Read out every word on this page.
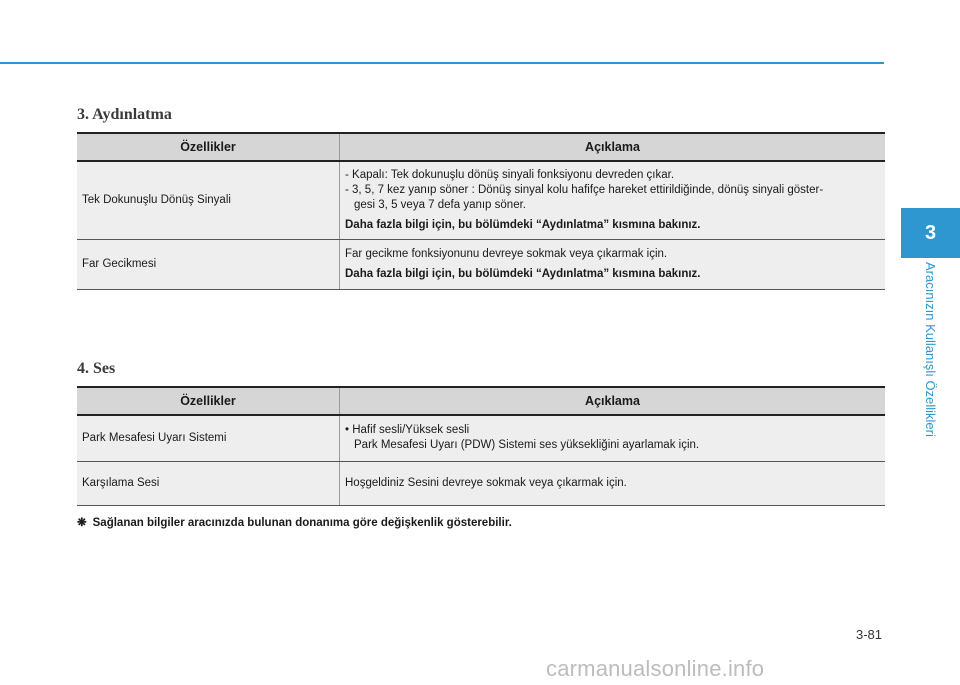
3. Aydınlatma
Özellikler	Açıklama
Tek Dokunuşlu Dönüş Sinyali	- Kapalı: Tek dokunuşlu dönüş sinyali fonksiyonu devreden çıkar.
- 3, 5, 7 kez yanıp söner : Dönüş sinyal kolu hafifçe hareket ettirildiğinde, dönüş sinyali göster-
gesi 3, 5 veya 7 defa yanıp söner.
Daha fazla bilgi için, bu bölümdeki “Aydınlatma” kısmına bakınız.

Far Gecikmesi	Far gecikme fonksiyonunu devreye sokmak veya çıkarmak için.
Daha fazla bilgi için, bu bölümdeki “Aydınlatma” kısmına bakınız.
4. Ses
Özellikler	Açıklama
Park Mesafesi Uyarı Sistemi	• Hafif sesli/Yüksek sesli
Park Mesafesi Uyarı (PDW) Sistemi ses yüksekliğini ayarlamak için.

Karşılama Sesi	Hoşgeldiniz Sesini devreye sokmak veya çıkarmak için.
❋ Sağlanan bilgiler aracınızda bulunan donanıma göre değişkenlik gösterebilir.
3
Aracınızın Kullanışlı Özellikleri
3-81
carmanualsonline.info
